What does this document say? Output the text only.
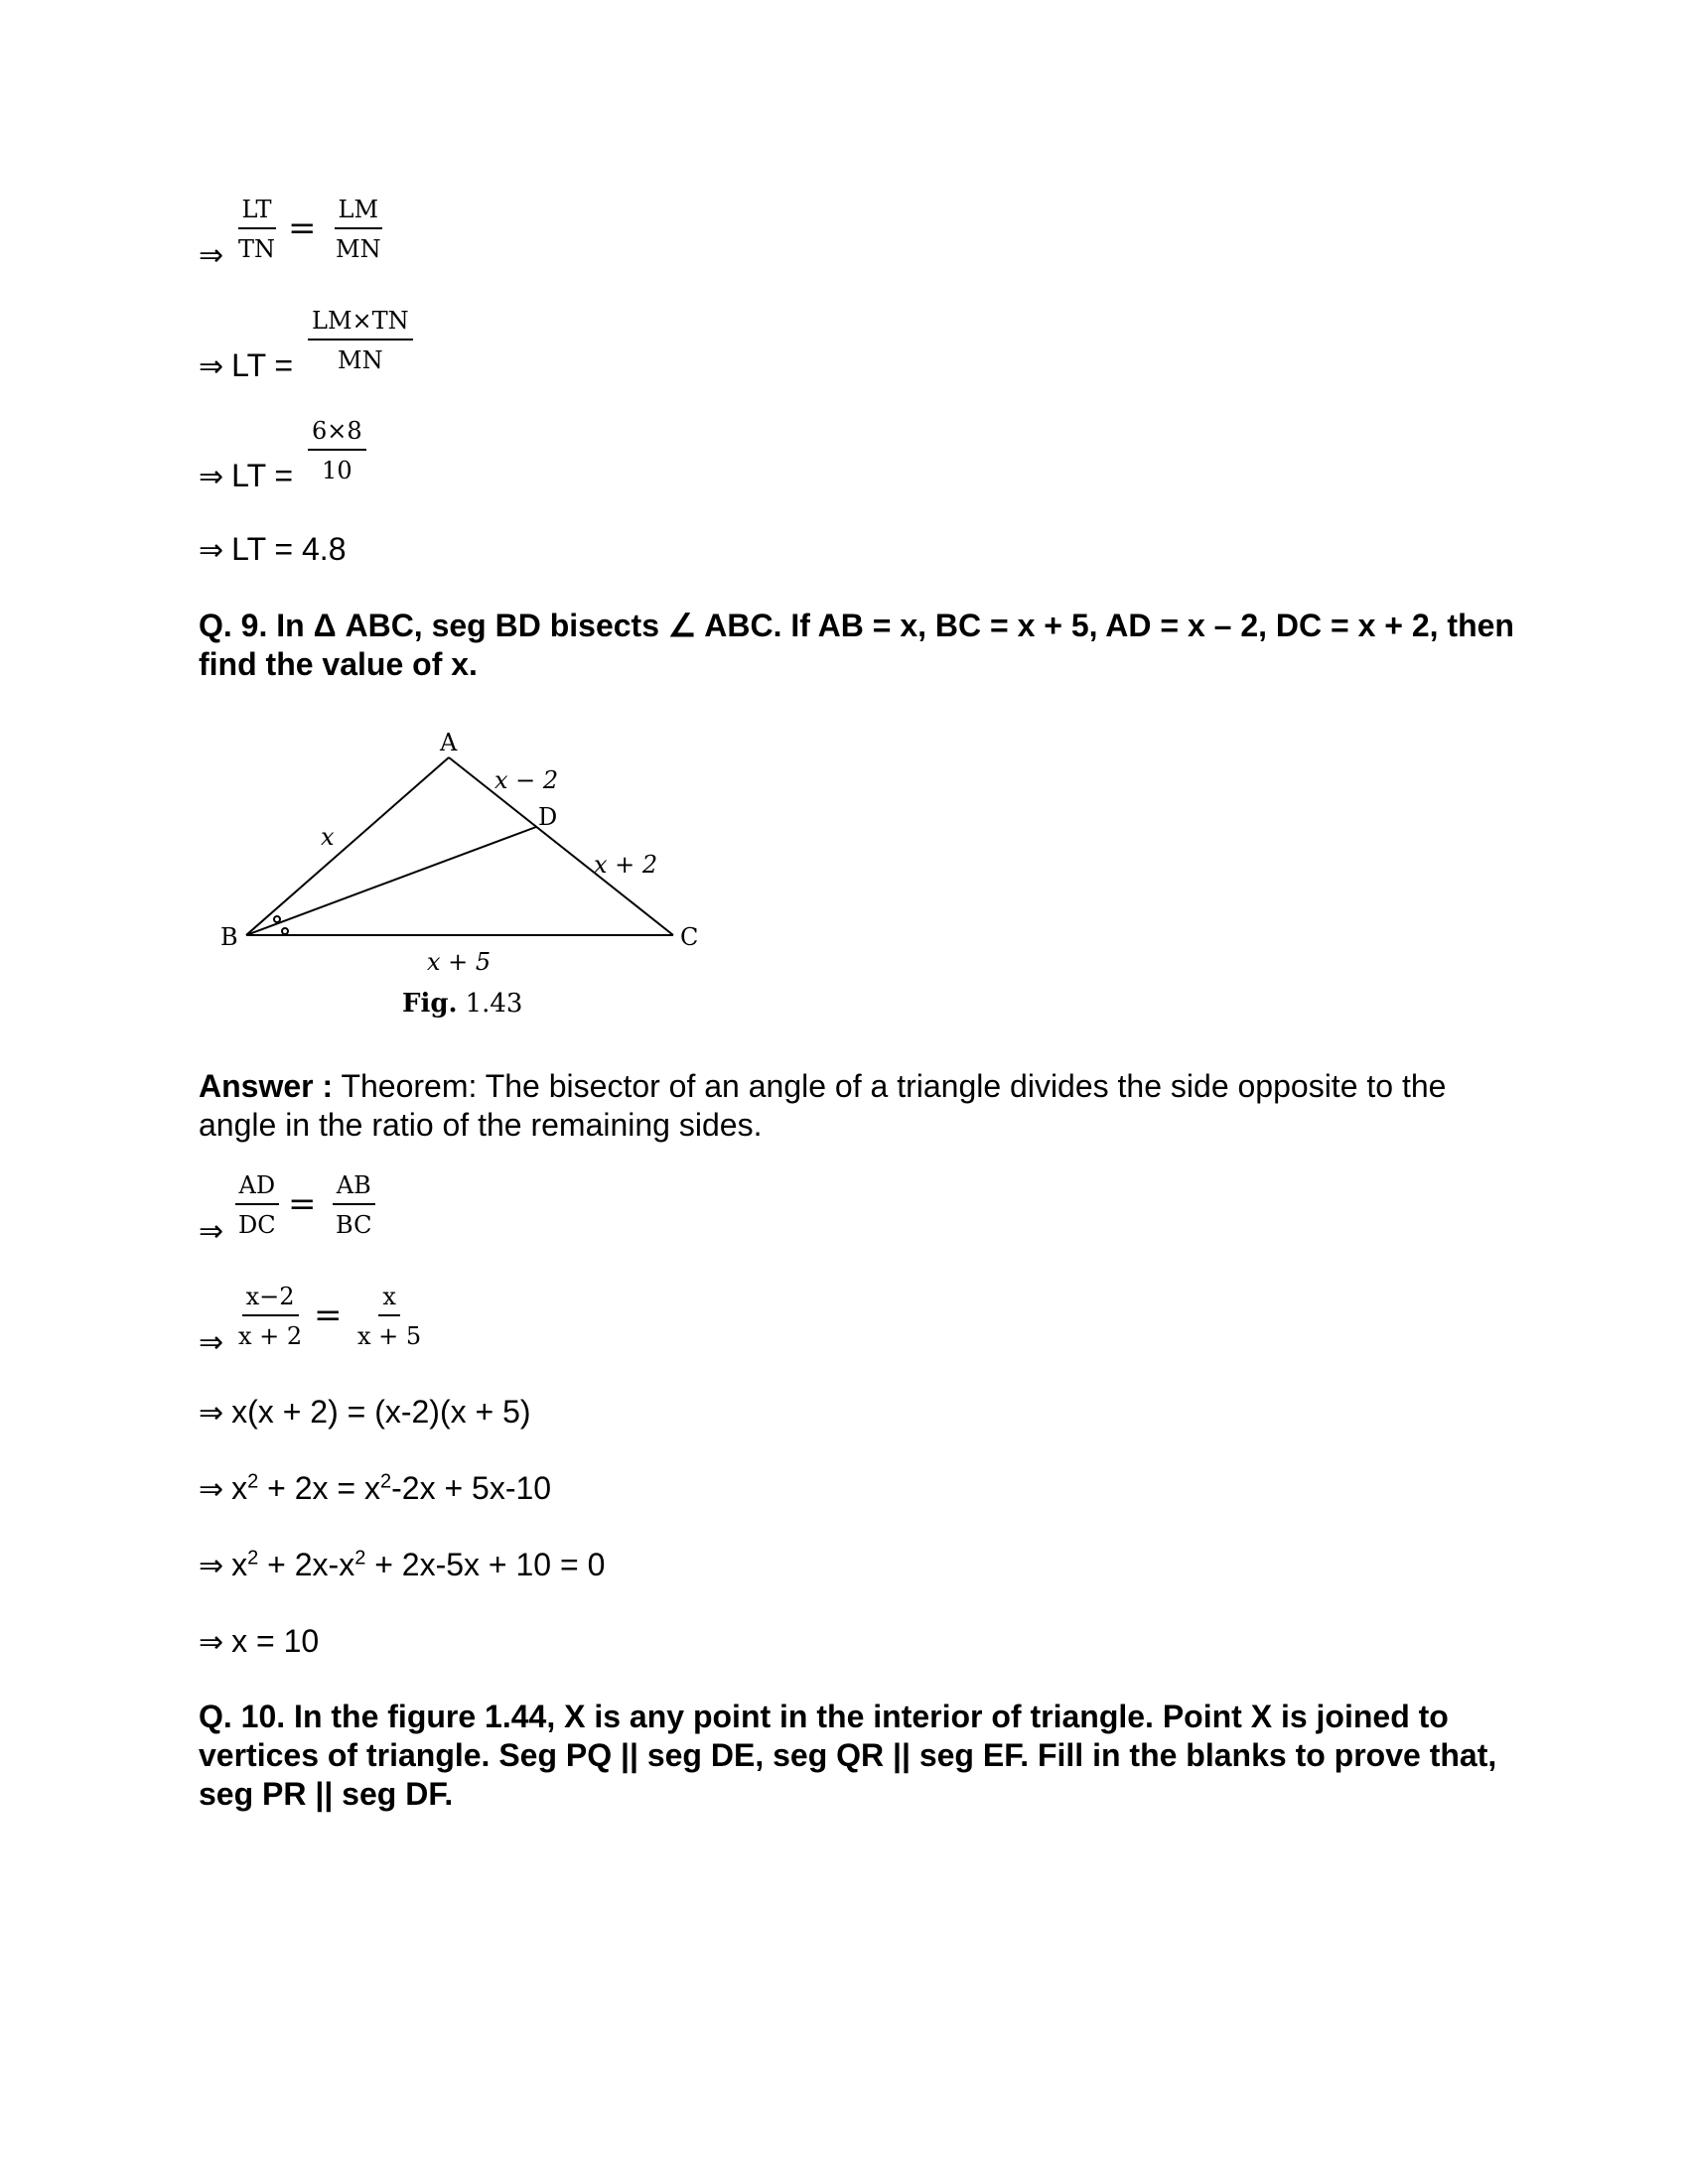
⇒ $\frac{LT}{TN} = \frac{LM}{MN}$
⇒ LT = $\frac{LM\times TN}{MN}$
⇒ LT = $\frac{6\times 8}{10}$
⇒ LT = 4.8
Q. 9. In Δ ABC, seg BD bisects ∠ ABC. If AB = x, BC = x + 5, AD = x – 2, DC = x + 2, then find the value of x.
A
B	C
D
x
x − 2
x + 2
x + 5
Fig. 1.43
Answer : Theorem: The bisector of an angle of a triangle divides the side opposite to the angle in the ratio of the remaining sides.
⇒ $\frac{AD}{DC} = \frac{AB}{BC}$
⇒ $\frac{x-2}{x + 2} = \frac{x}{x + 5}$
⇒ x(x + 2) = (x-2)(x + 5)
⇒ $x^2 + 2x = x^2-2x + 5x-10$
⇒ $x^2 + 2x-x^2 + 2x-5x + 10 = 0$
⇒ x = 10
Q. 10. In the figure 1.44, X is any point in the interior of triangle. Point X is joined to vertices of triangle. Seg PQ || seg DE, seg QR || seg EF. Fill in the blanks to prove that, seg PR || seg DF.
